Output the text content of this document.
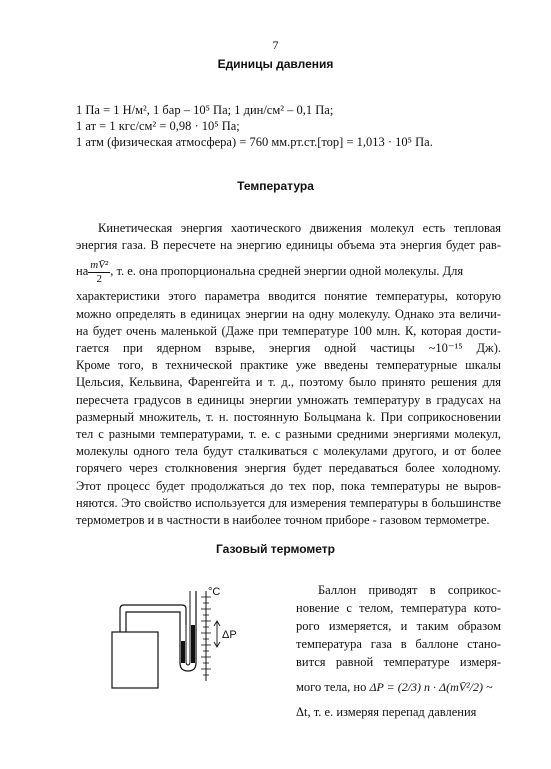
7
Единицы давления
1 Па = 1 Н/м², 1 бар – 10⁵ Па; 1 дин/см² – 0,1 Па;
1 ат = 1 кгс/см² = 0,98 · 10⁵ Па;
1 атм (физическая атмосфера) = 760 мм.рт.ст.[тор] = 1,013 · 10⁵ Па.
Температура
Кинетическая энергия хаотического движения молекул есть тепловая
энергия газа. В пересчете на энергию единицы объема эта энергия будет рав-
на $\frac{\text{mV̄²}}{2}$ , т. е. она пропорциональна средней энергии одной молекулы. Для
характеристики этого параметра вводится понятие температуры, которую
можно определять в единицах энергии на одну молекулу. Однако эта величи-
на будет очень маленькой (Даже при температуре 100 млн. К, которая дости-
гается при ядерном взрыве, энергия одной частицы ~10⁻¹⁵ Дж).
Кроме того, в технической практике уже введены температурные шкалы
Цельсия, Кельвина, Фаренгейта и т. д., поэтому было принято решения для
пересчета градусов в единицы энергии умножать температуру в градусах на
размерный множитель, т. н. постоянную Больцмана k. При соприкосновении
тел с разными температурами, т. е. с разными средними энергиями молекул,
молекулы одного тела будут сталкиваться с молекулами другого, и от более
горячего через столкновения энергия будет передаваться более холодному.
Этот процесс будет продолжаться до тех пор, пока температуры не выров-
няются. Это свойство используется для измерения температуры в большинстве
термометров и в частности в наиболее точном приборе - газовом термометре.
Газовый термометр
°С
ΔP
Баллон приводят в соприкос-
новение с телом, температура кото-
рого измеряется, и таким образом
температура газа в баллоне стано-
вится равной температуре измеря-
мого тела, но ΔP = (2/3) n · Δ(mV̄²/2) ~
Δt, т. е. измеряя перепад давления
